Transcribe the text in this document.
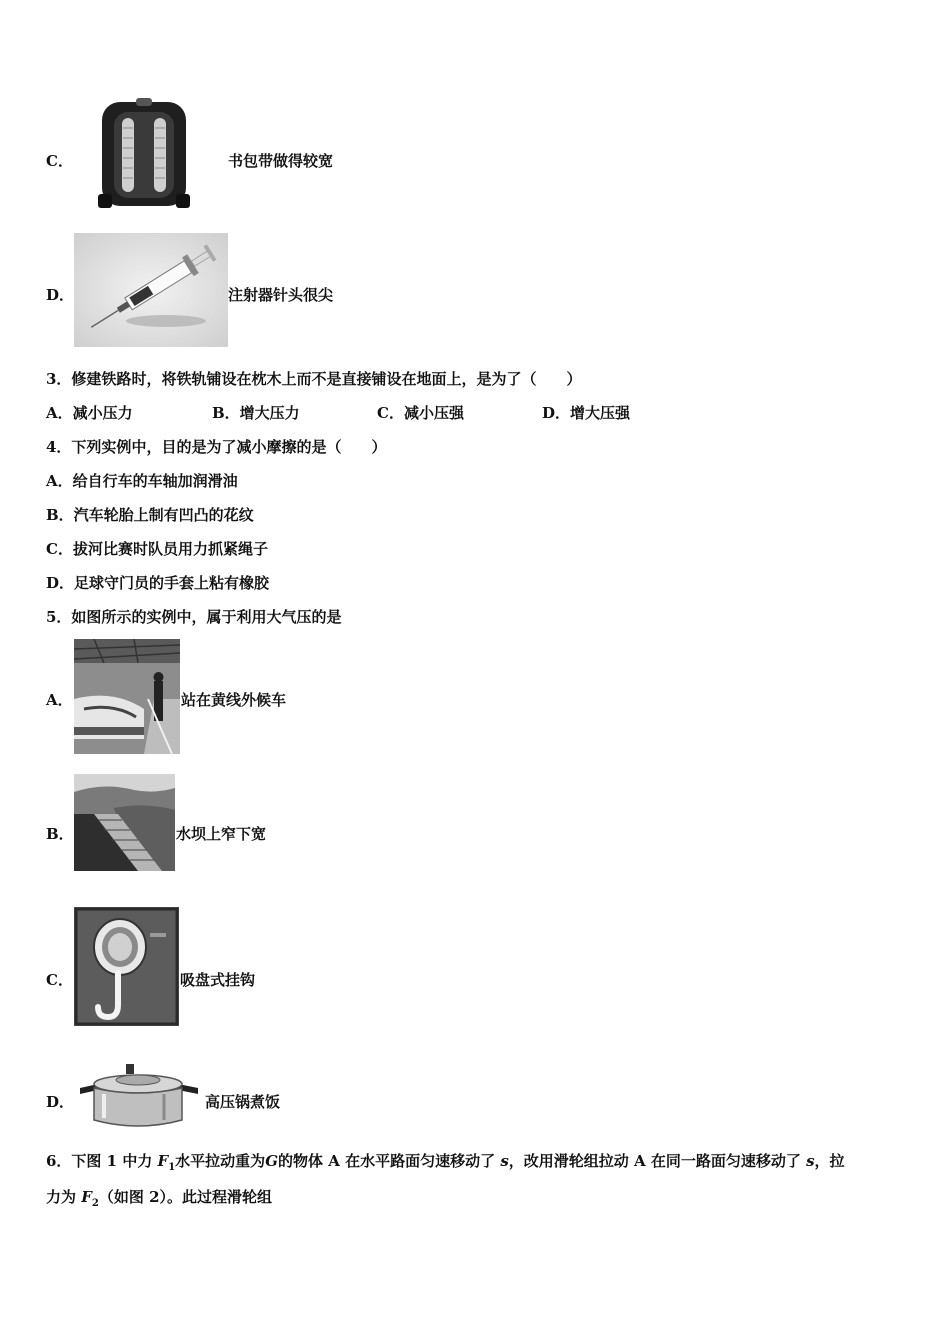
C．	书包带做得较宽
D．	注射器针头很尖
3．修建铁路时，将铁轨铺设在枕木上而不是直接铺设在地面上，是为了（　　）
A．减小压力	B．增大压力	C．减小压强	D．增大压强
4．下列实例中，目的是为了减小摩擦的是（　　）
A．给自行车的车轴加润滑油
B．汽车轮胎上制有凹凸的花纹
C．拔河比赛时队员用力抓紧绳子
D．足球守门员的手套上粘有橡胶
5．如图所示的实例中，属于利用大气压的是
A．	站在黄线外候车
B．	水坝上窄下宽
C．	吸盘式挂钩
D．	高压锅煮饭
6．下图 1 中力 $F_1$水平拉动重为G的物体 A 在水平路面匀速移动了 s，改用滑轮组拉动 A 在同一路面匀速移动了 s，拉
力为 $F_2$（如图 2）。此过程滑轮组
